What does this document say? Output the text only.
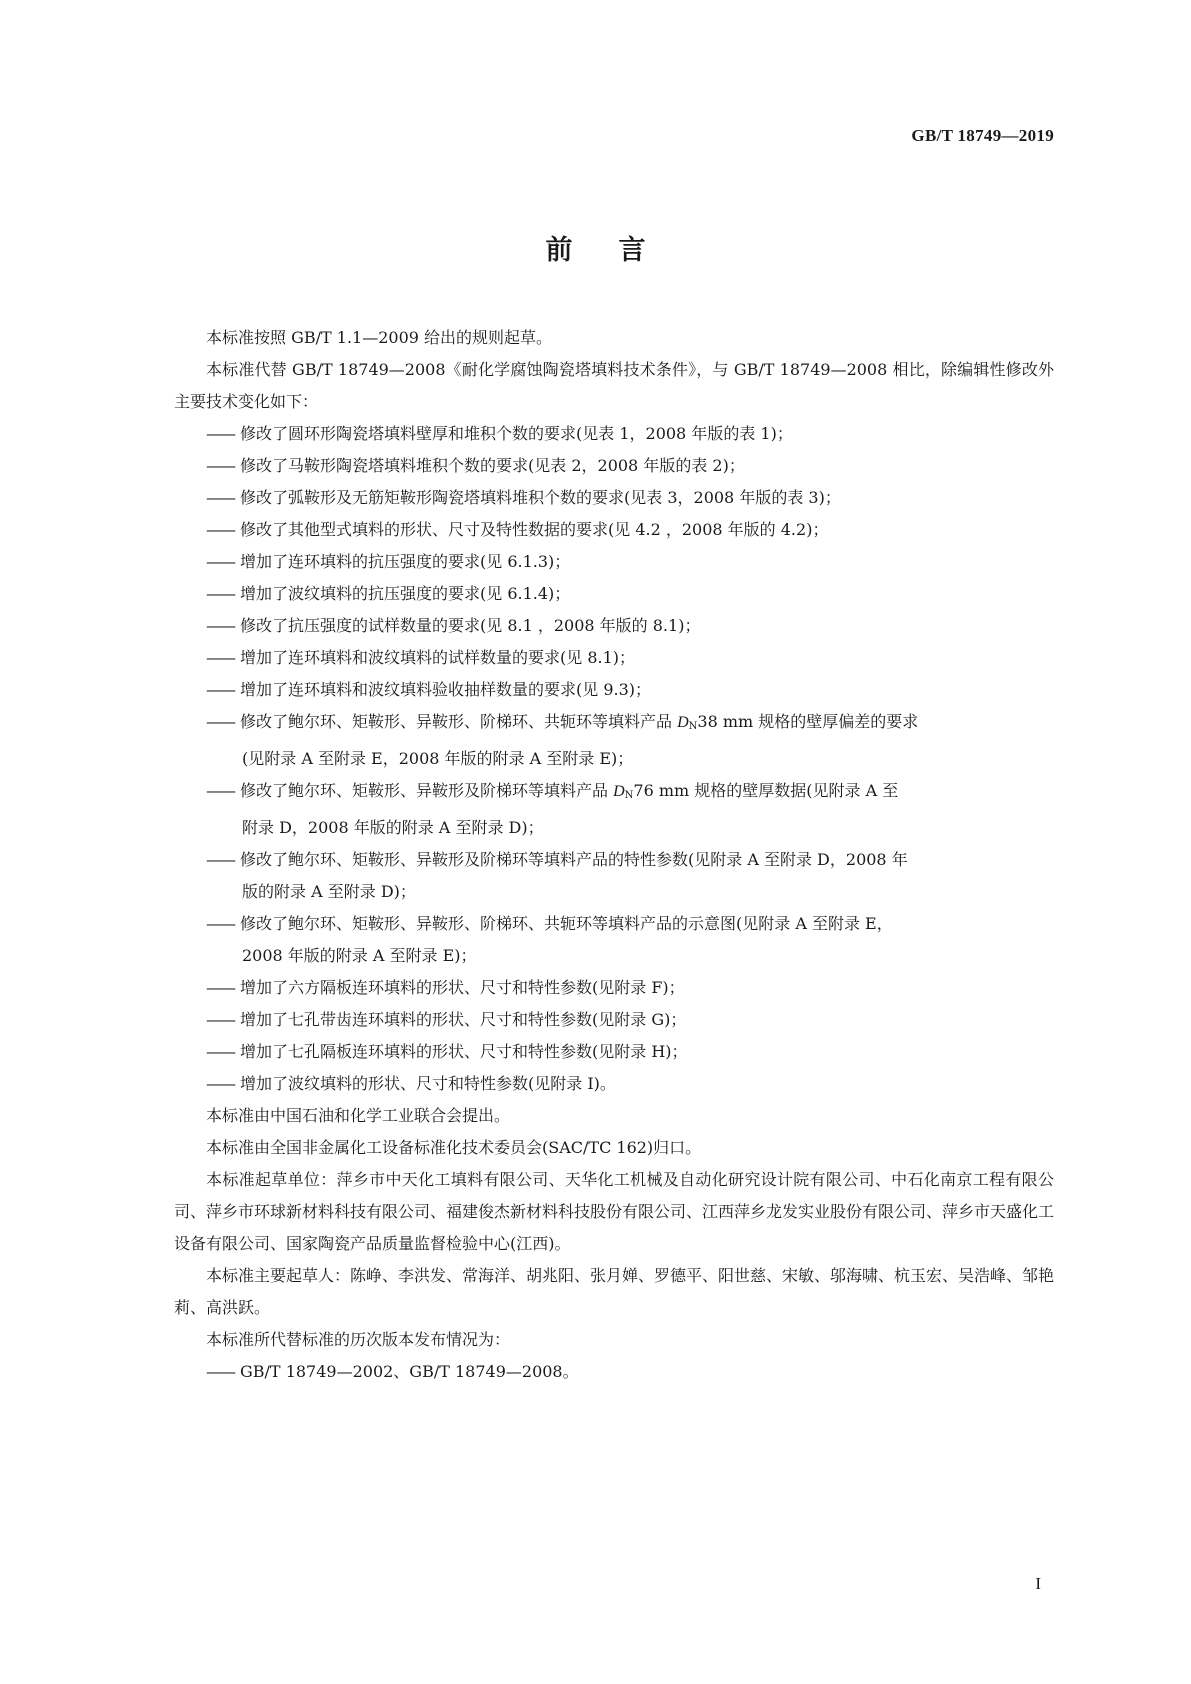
GB/T 18749—2019
前言

本标准按照 GB/T 1.1—2009 给出的规则起草。

本标准代替 GB/T 18749—2008《耐化学腐蚀陶瓷塔填料技术条件》，与 GB/T 18749—2008 相比，除编辑性修改外主要技术变化如下：

—— 修改了圆环形陶瓷塔填料壁厚和堆积个数的要求(见表 1，2008 年版的表 1)；

—— 修改了马鞍形陶瓷塔填料堆积个数的要求(见表 2，2008 年版的表 2)；

—— 修改了弧鞍形及无筋矩鞍形陶瓷塔填料堆积个数的要求(见表 3，2008 年版的表 3)；

—— 修改了其他型式填料的形状、尺寸及特性数据的要求(见 4.2 ，2008 年版的 4.2)；

—— 增加了连环填料的抗压强度的要求(见 6.1.3)；

—— 增加了波纹填料的抗压强度的要求(见 6.1.4)；

—— 修改了抗压强度的试样数量的要求(见 8.1 ，2008 年版的 8.1)；

—— 增加了连环填料和波纹填料的试样数量的要求(见 8.1)；

—— 增加了连环填料和波纹填料验收抽样数量的要求(见 9.3)；

—— 修改了鲍尔环、矩鞍形、异鞍形、阶梯环、共轭环等填料产品 $D_N38$ mm 规格的壁厚偏差的要求
(见附录 A 至附录 E，2008 年版的附录 A 至附录 E)；

—— 修改了鲍尔环、矩鞍形、异鞍形及阶梯环等填料产品 $D_N76$ mm 规格的壁厚数据(见附录 A 至
附录 D，2008 年版的附录 A 至附录 D)；

—— 修改了鲍尔环、矩鞍形、异鞍形及阶梯环等填料产品的特性参数(见附录 A 至附录 D，2008 年
版的附录 A 至附录 D)；

—— 修改了鲍尔环、矩鞍形、异鞍形、阶梯环、共轭环等填料产品的示意图(见附录 A 至附录 E，
2008 年版的附录 A 至附录 E)；

—— 增加了六方隔板连环填料的形状、尺寸和特性参数(见附录 F)；

—— 增加了七孔带齿连环填料的形状、尺寸和特性参数(见附录 G)；

—— 增加了七孔隔板连环填料的形状、尺寸和特性参数(见附录 H)；

—— 增加了波纹填料的形状、尺寸和特性参数(见附录 I)。

本标准由中国石油和化学工业联合会提出。

本标准由全国非金属化工设备标准化技术委员会(SAC/TC 162)归口。

本标准起草单位：萍乡市中天化工填料有限公司、天华化工机械及自动化研究设计院有限公司、中石化南京工程有限公司、萍乡市环球新材料科技有限公司、福建俊杰新材料科技股份有限公司、江西萍乡龙发实业股份有限公司、萍乡市天盛化工设备有限公司、国家陶瓷产品质量监督检验中心(江西)。

本标准主要起草人：陈峥、李洪发、常海洋、胡兆阳、张月婵、罗德平、阳世慈、宋敏、邬海啸、杭玉宏、吴浩峰、邹艳莉、高洪跃。

本标准所代替标准的历次版本发布情况为：

—— GB/T 18749—2002、GB/T 18749—2008。

I
